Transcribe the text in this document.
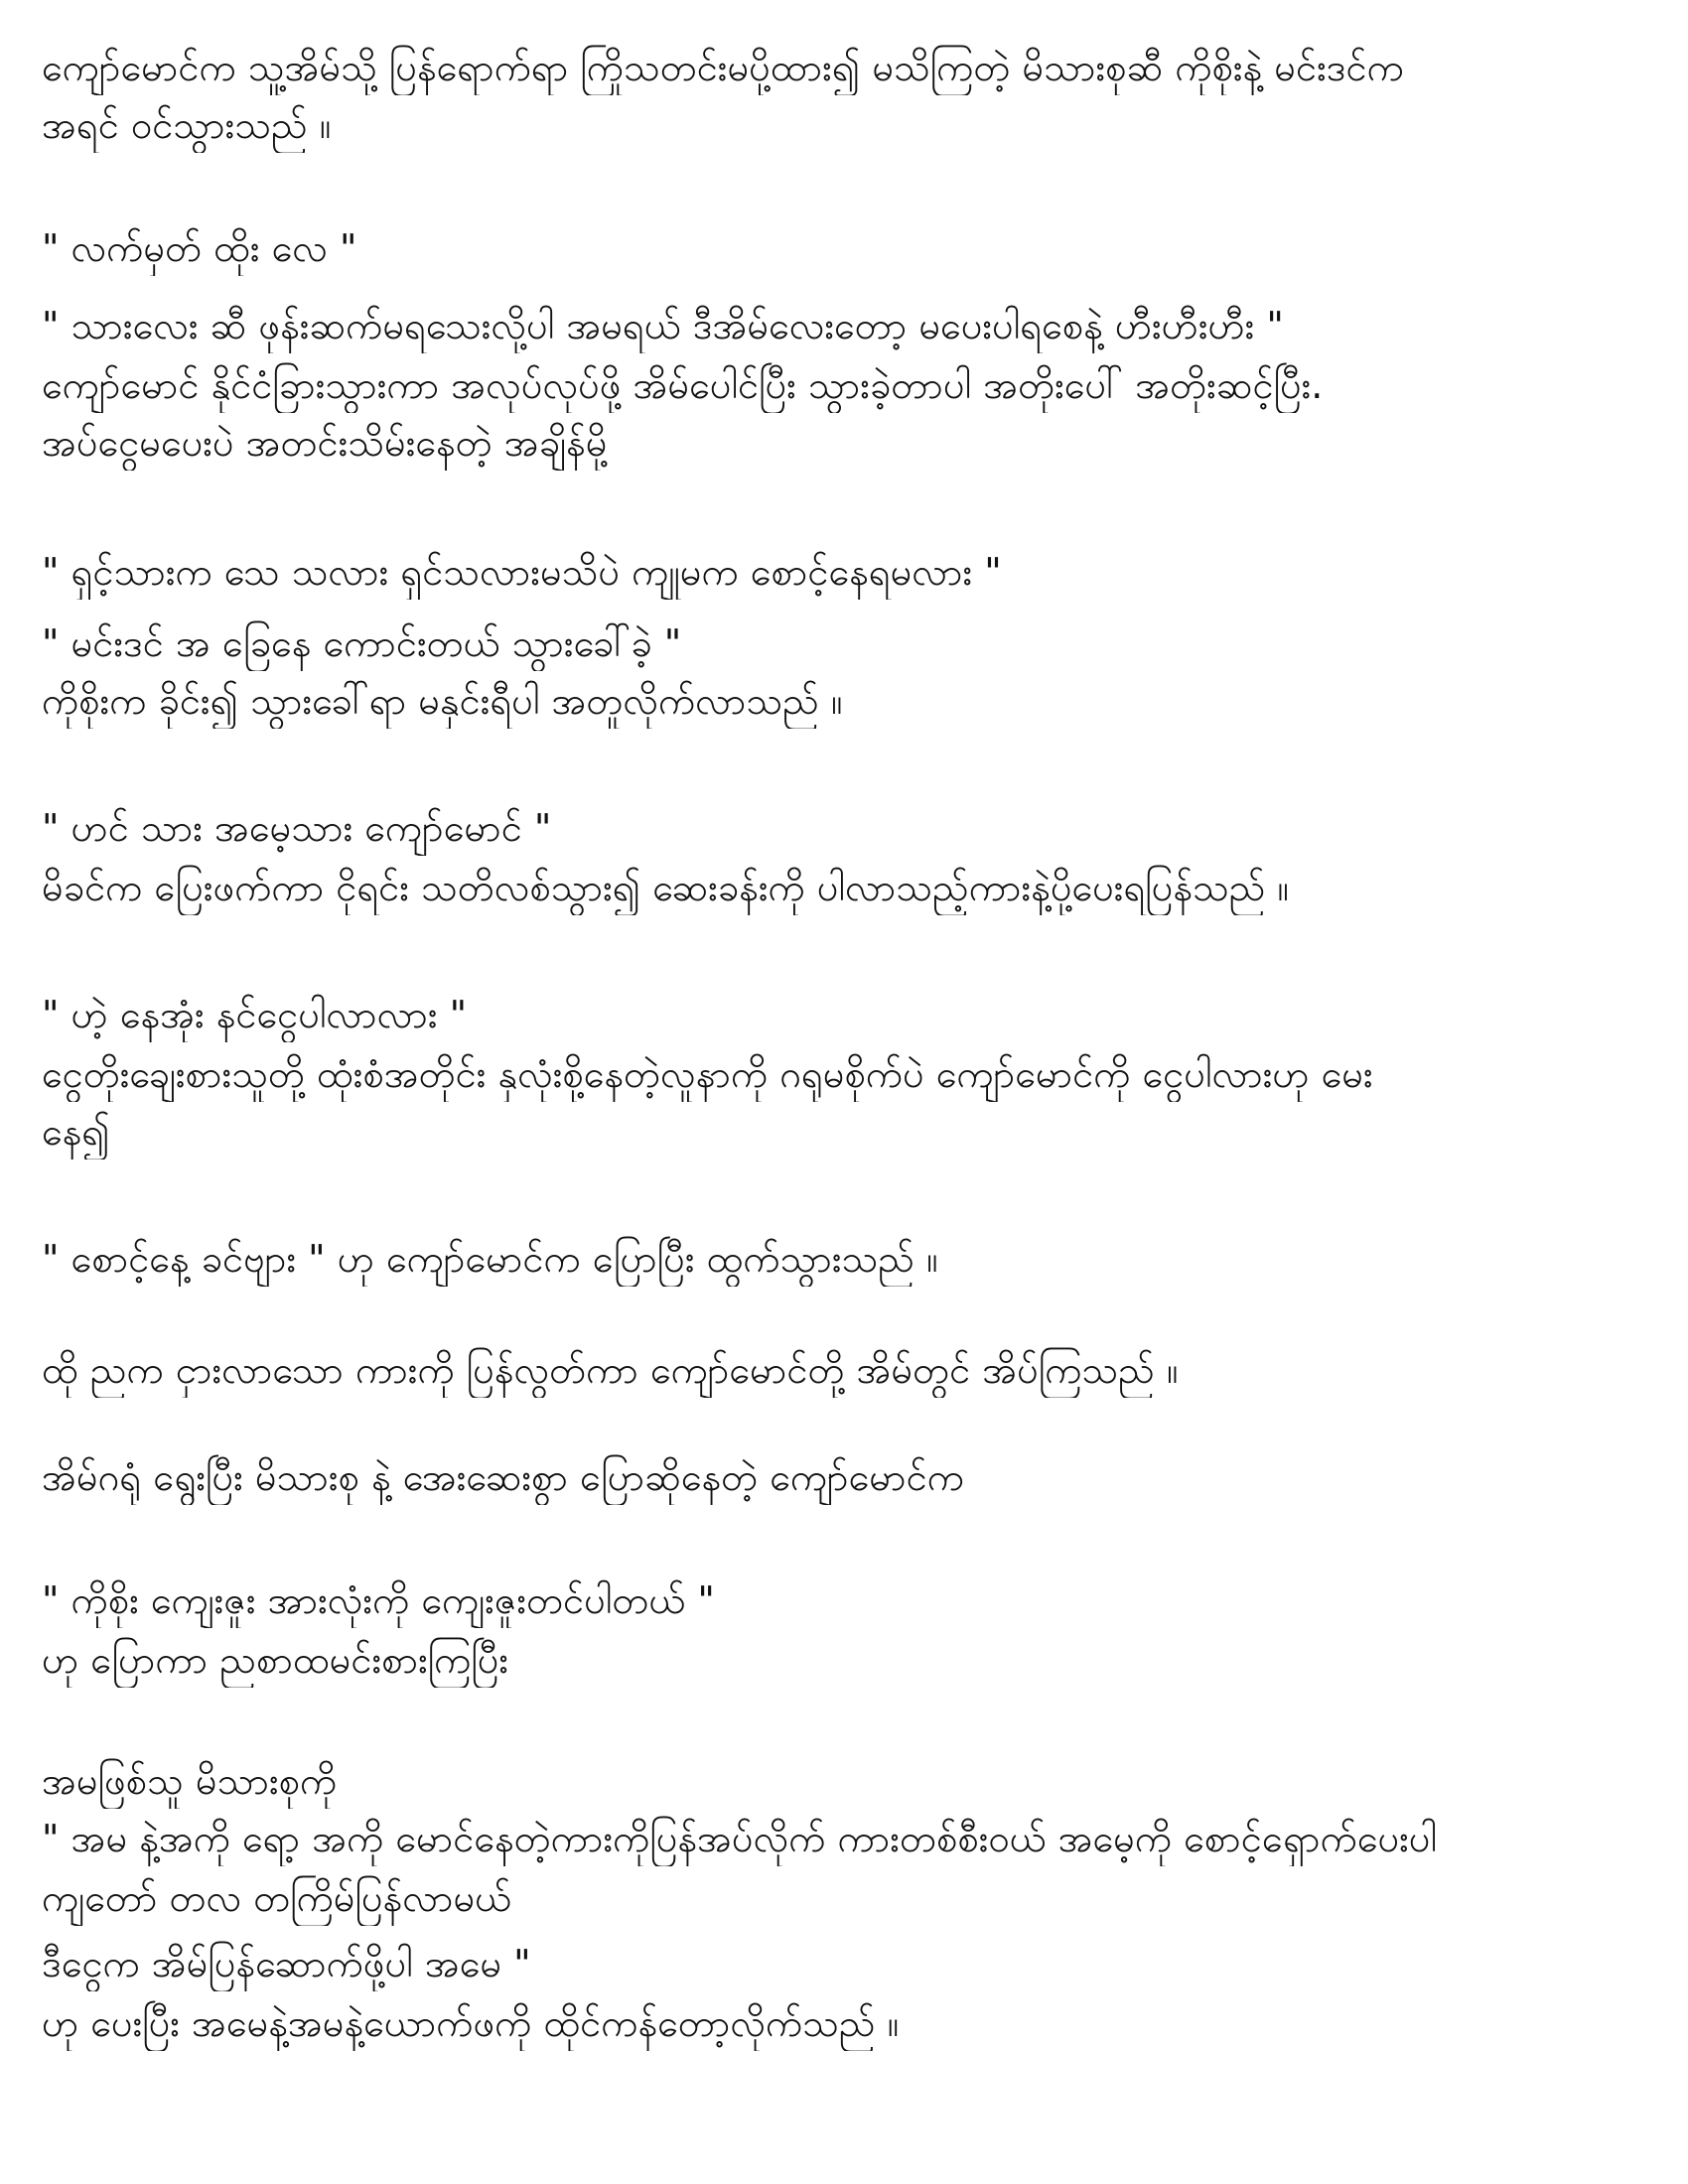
ကျော်မောင်က သူ့အိမ်သို့ ပြန်ရောက်ရာ ကြိုသတင်းမပို့ထား၍ မသိကြတဲ့ မိသားစုဆီ ကိုစိုးနဲ့ မင်းဒင်က
အရင် ဝင်သွားသည် ။
" လက်မှတ် ထိုး လေ "
" သားလေး ဆီ ဖုန်းဆက်မရသေးလို့ပါ အမရယ် ဒီအိမ်လေးတော့ မပေးပါရစေနဲ့ ဟီးဟီးဟီး "
ကျော်မောင် နိုင်ငံခြားသွားကာ အလုပ်လုပ်ဖို့ အိမ်ပေါင်ပြီး သွားခဲ့တာပါ အတိုးပေါ် အတိုးဆင့်ပြီး.
အပ်ငွေမပေးပဲ အတင်းသိမ်းနေတဲ့ အချိန်မို့
" ရှင့်သားက သေ သလား ရှင်သလားမသိပဲ ကျုမက စောင့်နေရမလား "
" မင်းဒင် အ ခြေနေ ကောင်းတယ် သွားခေါ်ခဲ့ "
ကိုစိုးက ခိုင်း၍ သွားခေါ်ရာ မနှင်းရီပါ အတူလိုက်လာသည် ။
" ဟင် သား အမေ့သား ကျော်မောင် "
မိခင်က ပြေးဖက်ကာ ငိုရင်း သတိလစ်သွား၍ ဆေးခန်းကို ပါလာသည့်ကားနဲ့ပို့ပေးရပြန်သည် ။
" ဟဲ့ နေအုံး နင်ငွေပါလာလား "
ငွေတိုးချေးစားသူတို့ ထုံးစံအတိုင်း နှလုံးစို့နေတဲ့လူနာကို ဂရုမစိုက်ပဲ ကျော်မောင်ကို ငွေပါလားဟု မေး
နေ၍
" စောင့်နေ့ ခင်ဗျား " ဟု ကျော်မောင်က ပြောပြီး ထွက်သွားသည် ။
ထို ညက ငှားလာသော ကားကို ပြန်လွတ်ကာ ကျော်မောင်တို့ အိမ်တွင် အိပ်ကြသည် ။
အိမ်ဂရုံ ရွေးပြီး မိသားစု နဲ့ အေးဆေးစွာ ပြောဆိုနေတဲ့ ကျော်မောင်က
" ကိုစိုး ကျေးဇူး အားလုံးကို ကျေးဇူးတင်ပါတယ် "
ဟု ပြောကာ ညစာထမင်းစားကြပြီး
အမဖြစ်သူ မိသားစုကို
" အမ နဲ့အကို ရော့ အကို မောင်နေတဲ့ကားကိုပြန်အပ်လိုက် ကားတစ်စီးဝယ် အမေ့ကို စောင့်ရှောက်ပေးပါ
ကျတော် တလ တကြိမ်ပြန်လာမယ်
ဒီငွေက အိမ်ပြန်ဆောက်ဖို့ပါ အမေ "
ဟု ပေးပြီး အမေနဲ့အမနဲ့ယောက်ဖကို ထိုင်ကန်တော့လိုက်သည် ။
